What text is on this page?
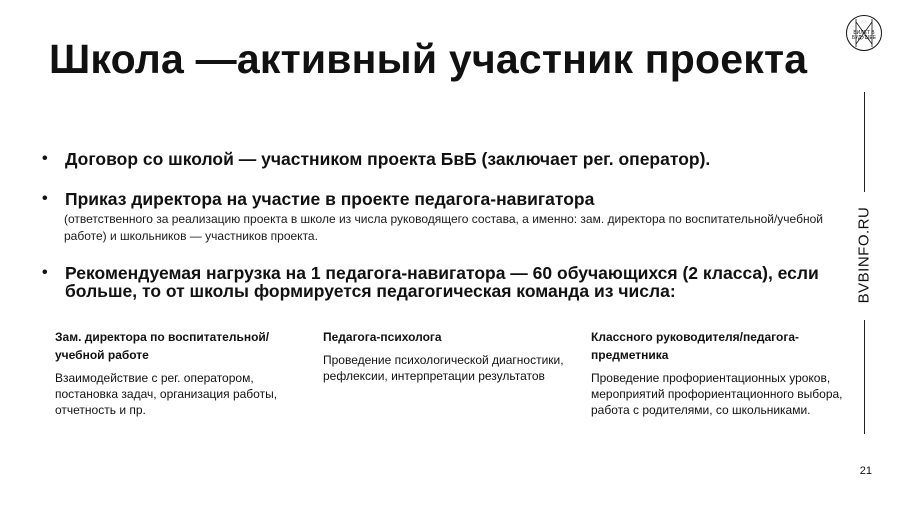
Школа —активный участник проекта
• Договор со школой — участником проекта БвБ (заключает рег. оператор).
• Приказ директора на участие в проекте педагога-навигатора
(ответственного за реализацию проекта в школе из числа руководящего состава, а именно: зам. директора по воспитательной/учебной работе) и школьников — участников проекта.
• Рекомендуемая нагрузка на 1 педагога-навигатора — 60 обучающихся (2 класса), если больше, то от школы формируется педагогическая команда из числа:
Зам. директора по воспитательной/учебной работе
Взаимодействие с рег. оператором, постановка задач, организация работы, отчетность и пр.
Педагога-психолога
Проведение психологической диагностики, рефлексии, интерпретации результатов
Классного руководителя/педагога-предметника
Проведение профориентационных уроков, мероприятий профориентационного выбора, работа с родителями, со школьниками.
BVBINFO.RU
БИЛЕТ В
БУДУЩЕЕ
21
